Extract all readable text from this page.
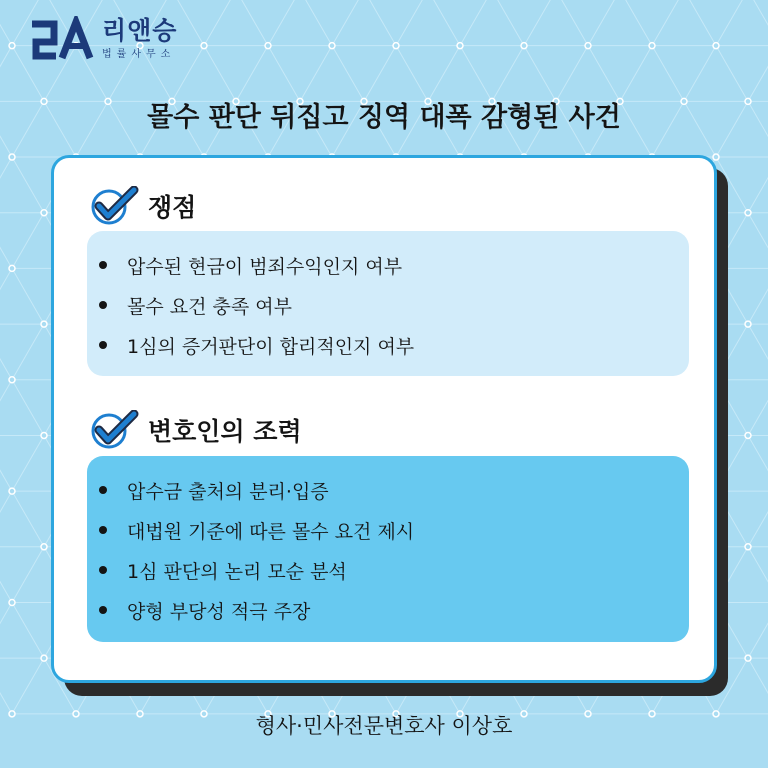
리앤승
법률사무소
몰수 판단 뒤집고 징역 대폭 감형된 사건
쟁점
압수된 현금이 범죄수익인지 여부
몰수 요건 충족 여부
1심의 증거판단이 합리적인지 여부
변호인의 조력
압수금 출처의 분리·입증
대법원 기준에 따른 몰수 요건 제시
1심 판단의 논리 모순 분석
양형 부당성 적극 주장
형사·민사전문변호사 이상호
